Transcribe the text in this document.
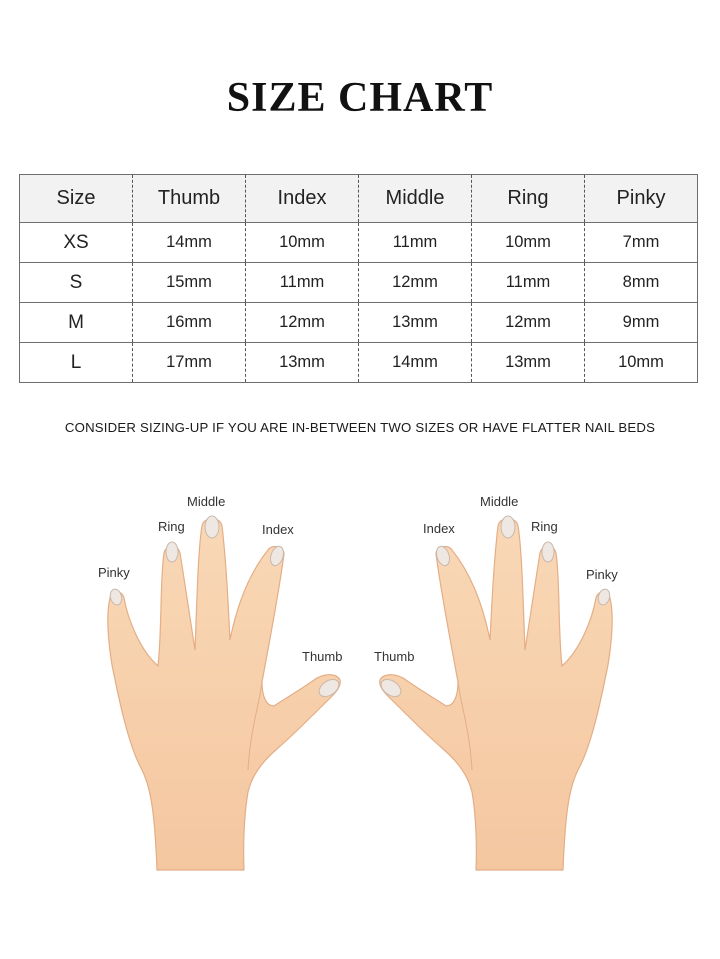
SIZE CHART
Size	Thumb	Index	Middle	Ring	Pinky
XS	14mm	10mm	11mm	10mm	7mm
S	15mm	11mm	12mm	11mm	8mm
M	16mm	12mm	13mm	12mm	9mm
L	17mm	13mm	14mm	13mm	10mm
CONSIDER SIZING-UP IF YOU ARE IN-BETWEEN TWO SIZES OR HAVE FLATTER NAIL BEDS
Pinky
Ring
Middle
Index
Thumb
Pinky
Ring
Middle
Index
Thumb
